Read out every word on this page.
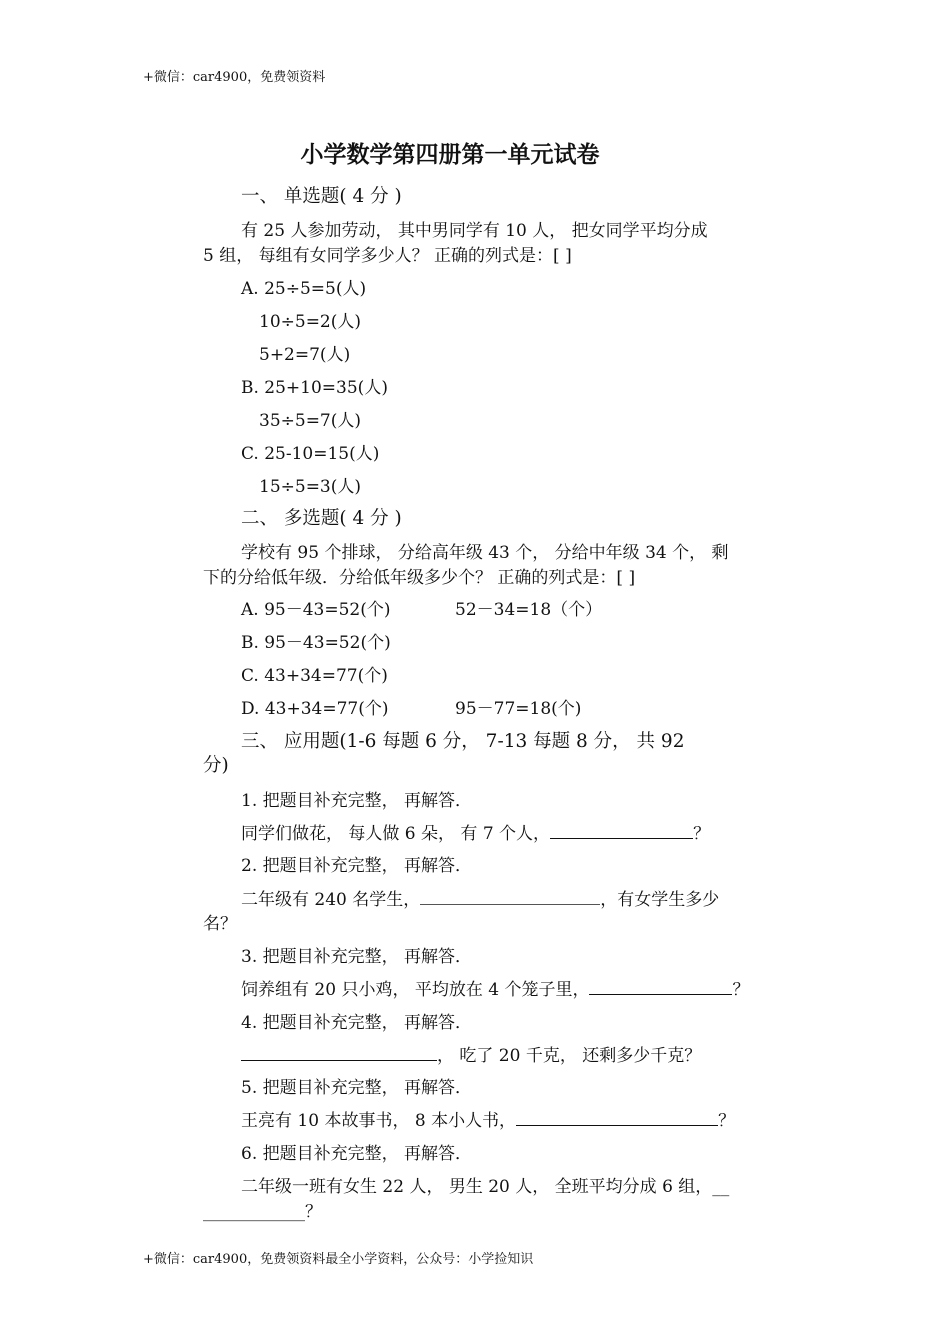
+微信：car4900，免费领资料
小学数学第四册第一单元试卷
一、 单选题( 4 分 )
有 25 人参加劳动， 其中男同学有 10 人， 把女同学平均分成
5 组， 每组有女同学多少人？ 正确的列式是：[ ]
A. 25÷5=5(人)
10÷5=2(人)
5+2=7(人)
B. 25+10=35(人)
35÷5=7(人)
C. 25-10=15(人)
15÷5=3(人)
二、 多选题( 4 分 )
学校有 95 个排球， 分给高年级 43 个， 分给中年级 34 个， 剩
下的分给低年级．分给低年级多少个？ 正确的列式是：[ ]
A. 95－43=52(个)	52－34=18（个）
B. 95－43=52(个)
C. 43+34=77(个)
D. 43+34=77(个)	95－77=18(个)
三、 应用题(1-6 每题 6 分， 7-13 每题 8 分， 共 92
分)
1. 把题目补充完整， 再解答．
同学们做花， 每人做 6 朵， 有 7 个人，	？
2. 把题目补充完整， 再解答．
二年级有 240 名学生，	，有女学生多少
名？
3. 把题目补充完整， 再解答．
饲养组有 20 只小鸡， 平均放在 4 个笼子里，	？
4. 把题目补充完整， 再解答．
， 吃了 20 千克， 还剩多少千克？
5. 把题目补充完整， 再解答．
王亮有 10 本故事书， 8 本小人书，	？
6. 把题目补充完整， 再解答．
二年级一班有女生 22 人， 男生 20 人， 全班平均分成 6 组，__
____________？
+微信：car4900，免费领资料最全小学资料，公众号：小学捡知识
